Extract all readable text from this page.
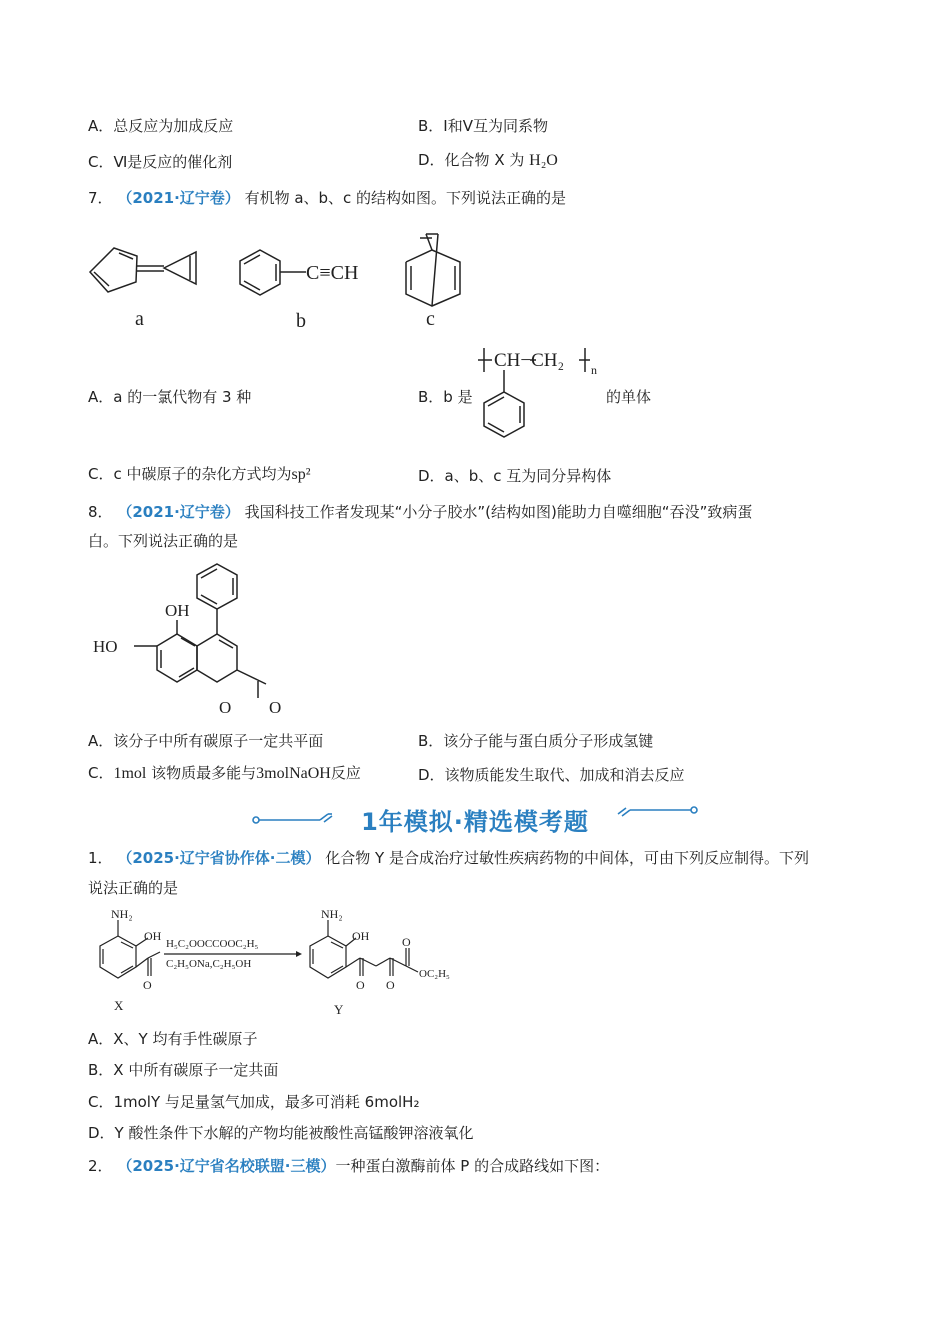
A．总反应为加成反应	B．Ⅰ和Ⅴ互为同系物
C．Ⅵ是反应的催化剂	D．化合物 X 为 H₂O
7． （2021·辽宁卷） 有机物 a、b、c 的结构如图。下列说法正确的是
a
C≡CH
b	c
A．a 的一氯代物有 3 种	B．b 是
CH−CH₂ n
的单体
C．c 中碳原子的杂化方式均为sp²	D．a、b、c 互为同分异构体
8． （2021·辽宁卷） 我国科技工作者发现某“小分子胶水”(结构如图)能助力自噬细胞“吞没”致病蛋
白。下列说法正确的是
OH
HO
O O
A．该分子中所有碳原子一定共平面	B．该分子能与蛋白质分子形成氢键
C．1mol 该物质最多能与3molNaOH反应	D．该物质能发生取代、加成和消去反应
1年模拟·精选模考题
1． （2025·辽宁省协作体·二模） 化合物 Y 是合成治疗过敏性疾病药物的中间体，可由下列反应制得。下列
说法正确的是
NH₂
OH
O
X
H₅C₂OOCCOOC₂H₅
C₂H₅ONa,C₂H₅OH
NH₂
OH
O O
O
OC₂H₅
Y
A．X、Y 均有手性碳原子
B．X 中所有碳原子一定共面
C．1molY 与足量氢气加成，最多可消耗 6molH₂
D．Y 酸性条件下水解的产物均能被酸性高锰酸钾溶液氧化
2． （2025·辽宁省名校联盟·三模）一种蛋白激酶前体 P 的合成路线如下图：
